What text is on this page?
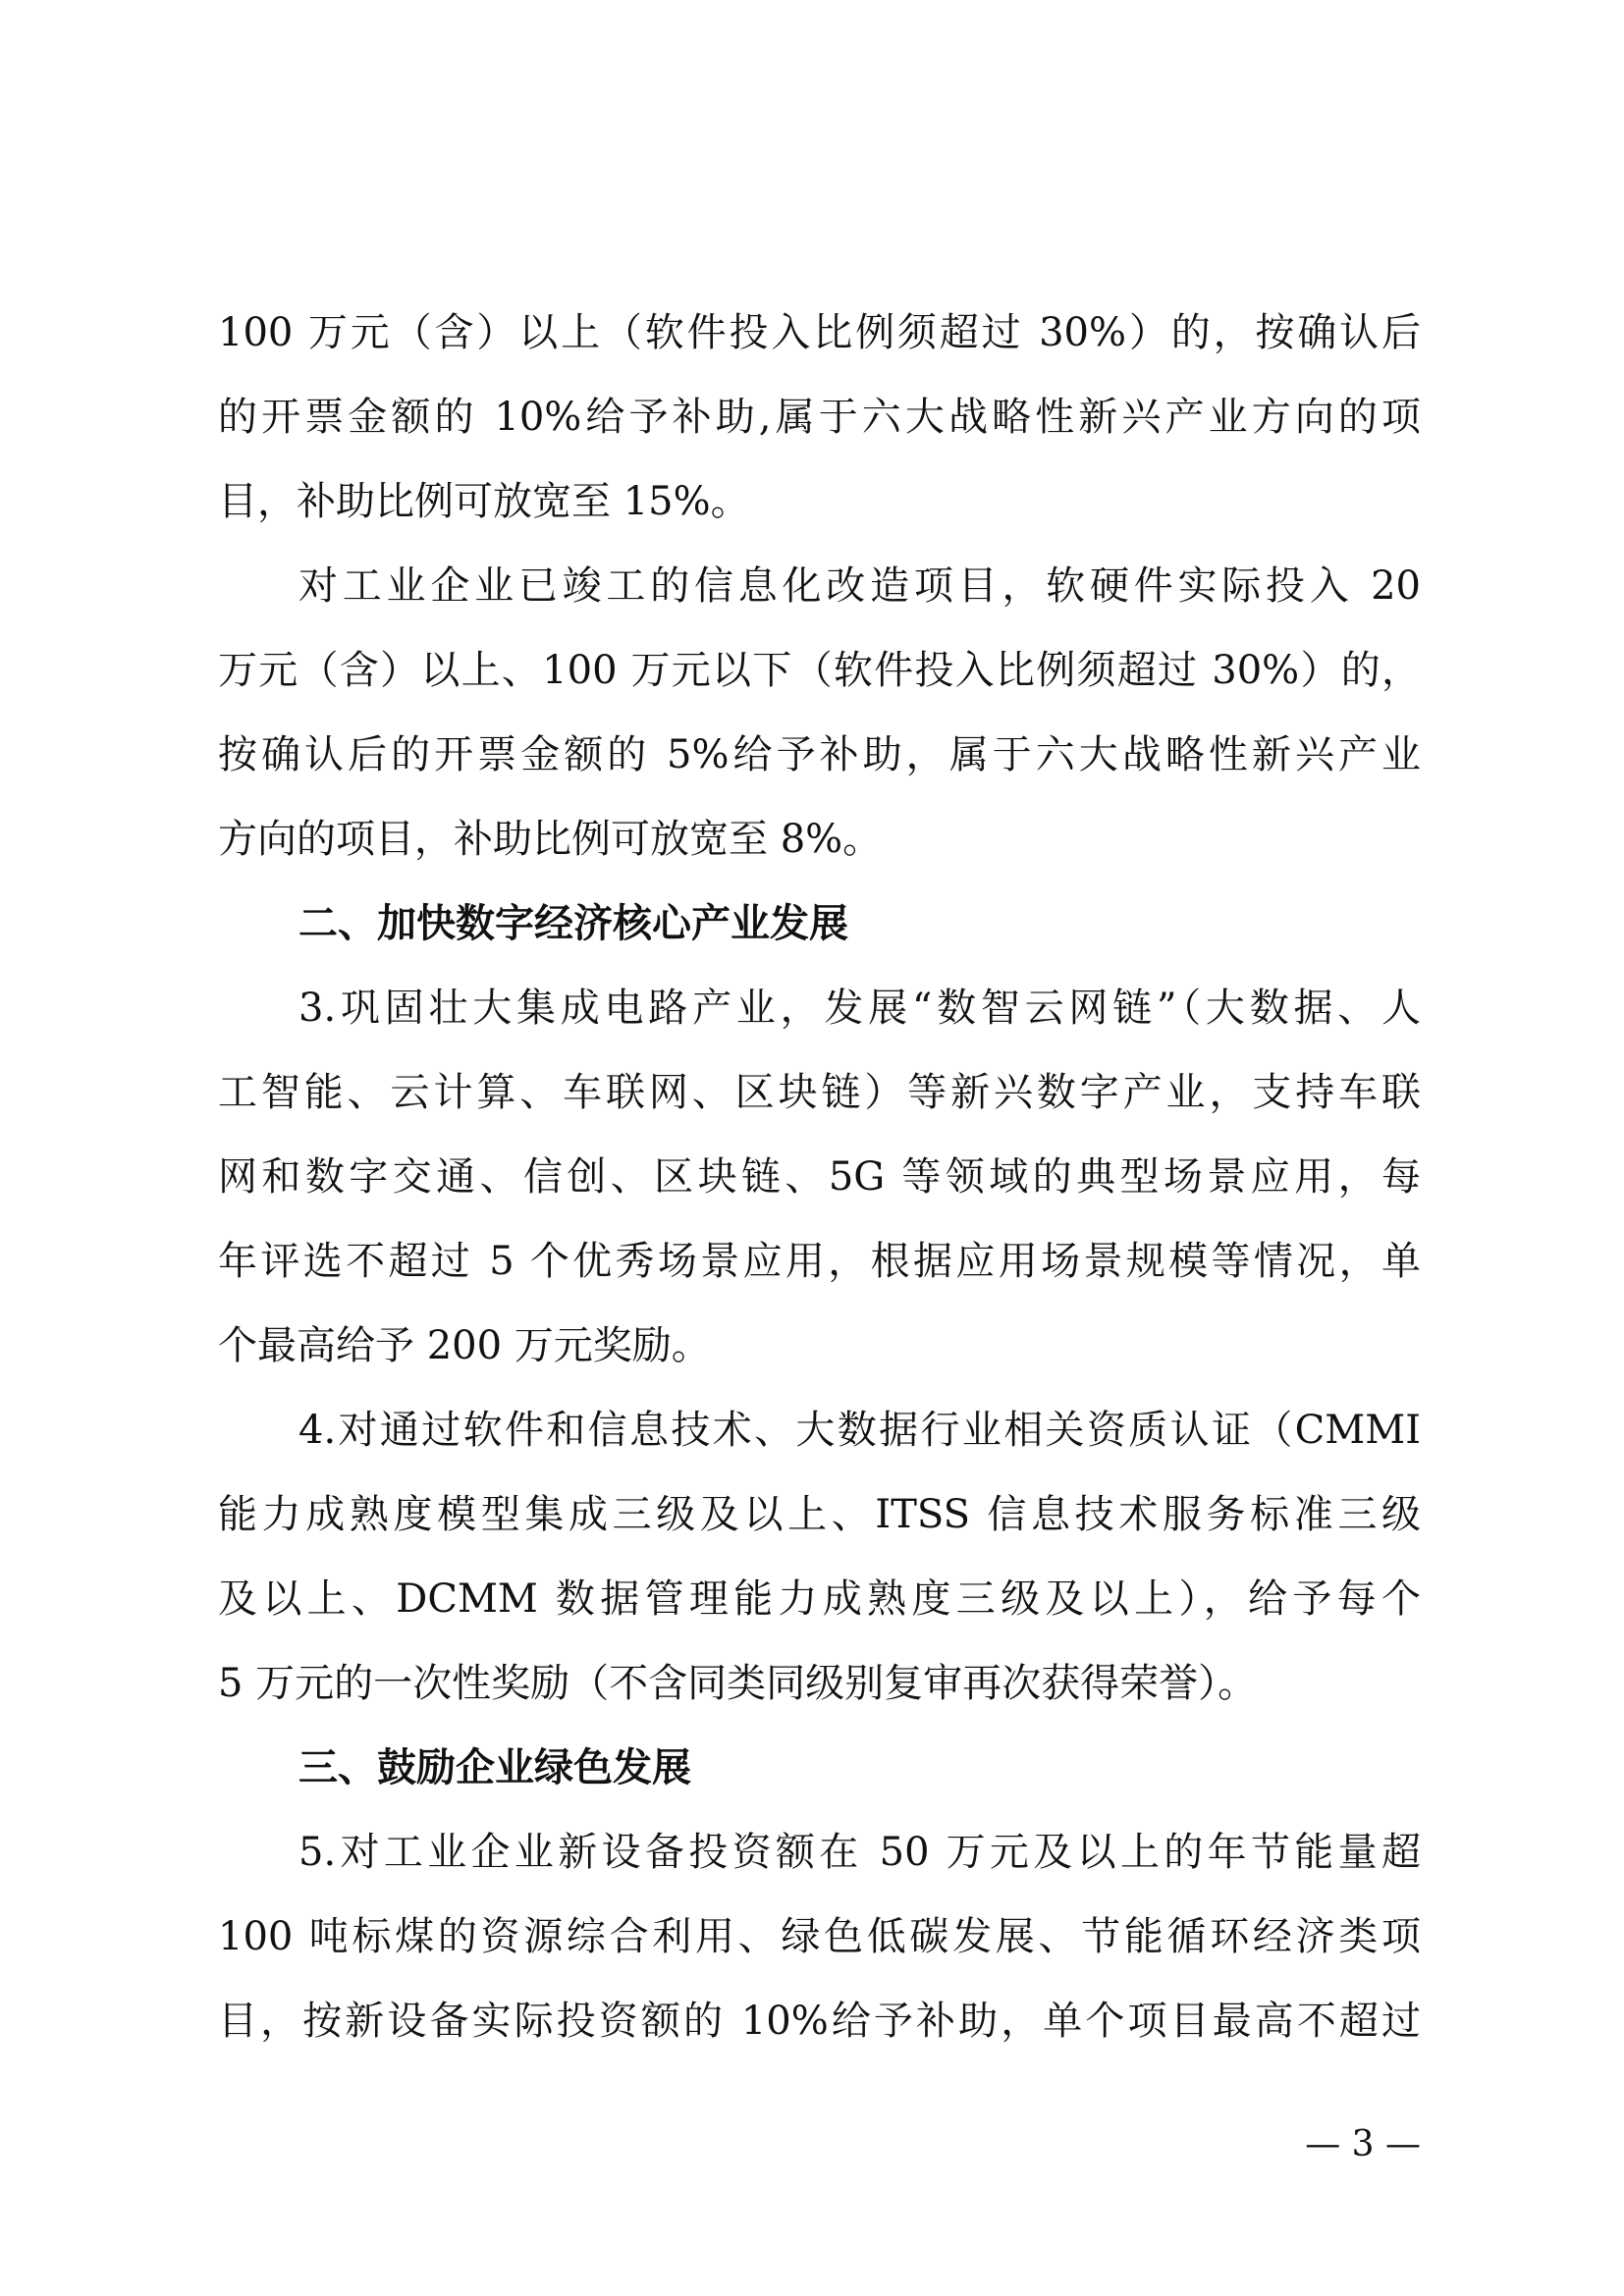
100 万元（含）以上（软件投入比例须超过 30%）的，按确认后
的开票金额的 10%给予补助,属于六大战略性新兴产业方向的项
目，补助比例可放宽至 15%。
对工业企业已竣工的信息化改造项目，软硬件实际投入 20
万元（含）以上、100 万元以下（软件投入比例须超过 30%）的，
按确认后的开票金额的 5%给予补助，属于六大战略性新兴产业
方向的项目，补助比例可放宽至 8%。
二、加快数字经济核心产业发展
3.巩固壮大集成电路产业，发展“数智云网链”（大数据、人
工智能、云计算、车联网、区块链）等新兴数字产业，支持车联
网和数字交通、信创、区块链、5G 等领域的典型场景应用，每
年评选不超过 5 个优秀场景应用，根据应用场景规模等情况，单
个最高给予 200 万元奖励。
4.对通过软件和信息技术、大数据行业相关资质认证（CMMI
能力成熟度模型集成三级及以上、ITSS 信息技术服务标准三级
及以上、DCMM 数据管理能力成熟度三级及以上），给予每个
5 万元的一次性奖励（不含同类同级别复审再次获得荣誉）。
三、鼓励企业绿色发展
5.对工业企业新设备投资额在 50 万元及以上的年节能量超
100 吨标煤的资源综合利用、绿色低碳发展、节能循环经济类项
目，按新设备实际投资额的 10%给予补助，单个项目最高不超过
— 3 —
